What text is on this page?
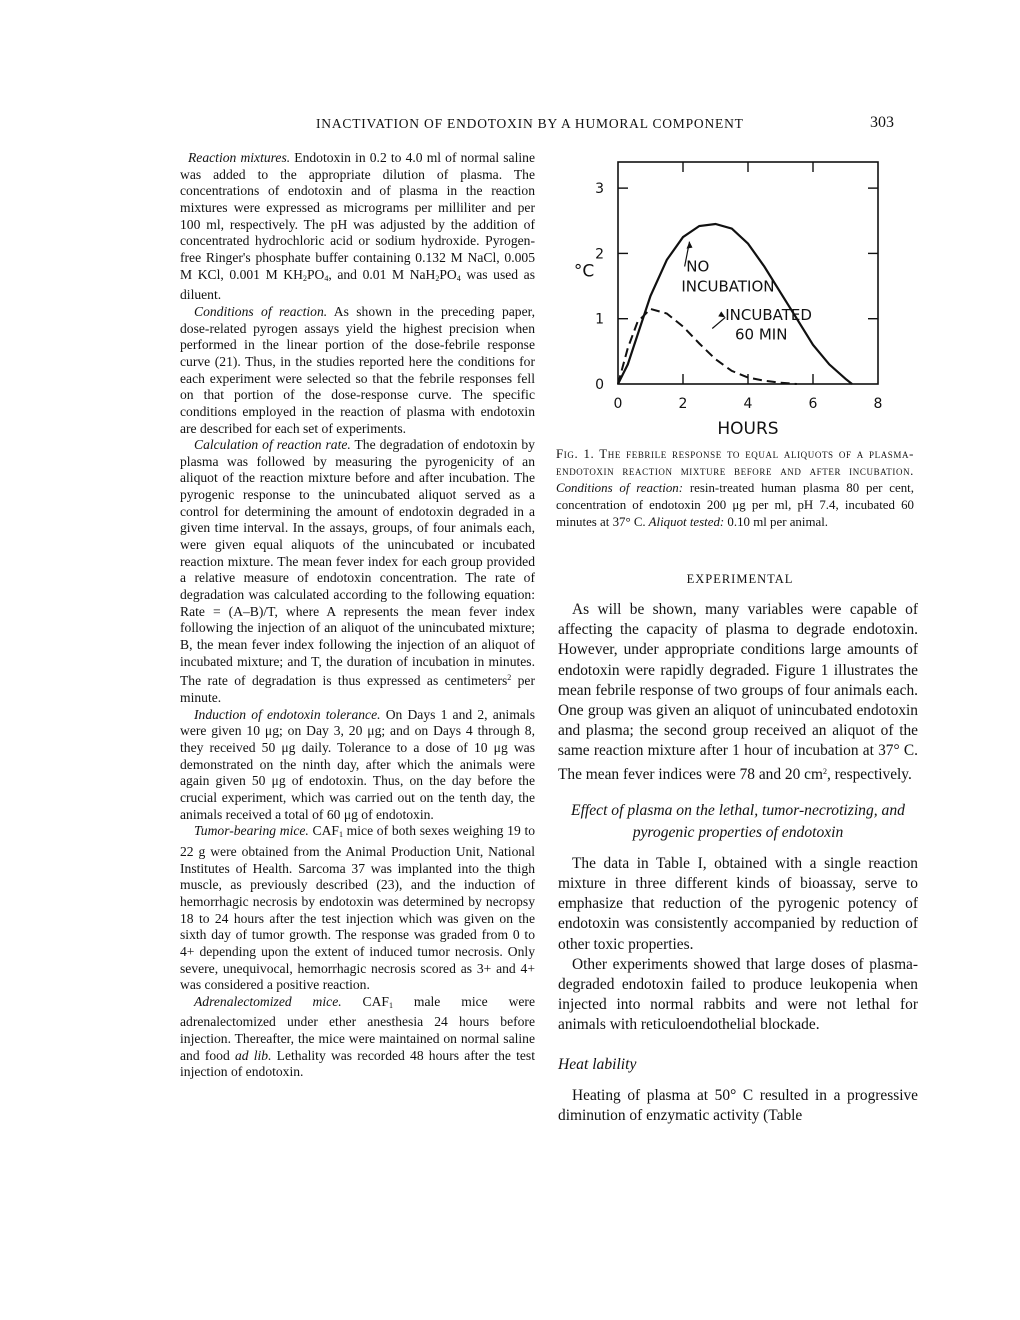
INACTIVATION OF ENDOTOXIN BY A HUMORAL COMPONENT	303

Reaction mixtures. Endotoxin in 0.2 to 4.0 ml of normal saline was added to the appropriate dilution of plasma. The concentrations of endotoxin and of plasma in the reaction mixtures were expressed as micrograms per milliliter and per 100 ml, respectively. The pH was adjusted by the addition of concentrated hydrochloric acid or sodium hydroxide. Pyrogen-free Ringer's phosphate buffer containing 0.132 M NaCl, 0.005 M KCl, 0.001 M $KH_2PO_4$, and 0.01 M $NaH_2PO_4$ was used as diluent.

Conditions of reaction. As shown in the preceding paper, dose-related pyrogen assays yield the highest precision when performed in the linear portion of the dose-febrile response curve (21). Thus, in the studies reported here the conditions for each experiment were selected so that the febrile responses fell on that portion of the dose-response curve. The specific conditions employed in the reaction of plasma with endotoxin are described for each set of experiments.

Calculation of reaction rate. The degradation of endotoxin by plasma was followed by measuring the pyrogenicity of an aliquot of the reaction mixture before and after incubation. The pyrogenic response to the unincubated aliquot served as a control for determining the amount of endotoxin degraded in a given time interval. In the assays, groups, of four animals each, were given equal aliquots of the unincubated or incubated reaction mixture. The mean fever index for each group provided a relative measure of endotoxin concentration. The rate of degradation was calculated according to the following equation: Rate = (A–B)/T, where A represents the mean fever index following the injection of an aliquot of the unincubated mixture; B, the mean fever index following the injection of an aliquot of incubated mixture; and T, the duration of incubation in minutes. The rate of degradation is thus expressed as centimeters$^2$ per minute.

Induction of endotoxin tolerance. On Days 1 and 2, animals were given 10 μg; on Day 3, 20 μg; and on Days 4 through 8, they received 50 μg daily. Tolerance to a dose of 10 μg was demonstrated on the ninth day, after which the animals were again given 50 μg of endotoxin. Thus, on the day before the crucial experiment, which was carried out on the tenth day, the animals received a total of 60 μg of endotoxin.

Tumor-bearing mice. $CAF_1$ mice of both sexes weighing 19 to 22 g were obtained from the Animal Production Unit, National Institutes of Health. Sarcoma 37 was implanted into the thigh muscle, as previously described (23), and the induction of hemorrhagic necrosis by endotoxin was determined by necropsy 18 to 24 hours after the test injection which was given on the sixth day of tumor growth. The response was graded from 0 to 4+ depending upon the extent of induced tumor necrosis. Only severe, unequivocal, hemorrhagic necrosis scored as 3+ and 4+ was considered a positive reaction.

Adrenalectomized mice. $CAF_1$ male mice were adrenalectomized under ether anesthesia 24 hours before injection. Thereafter, the mice were maintained on normal saline and food ad lib. Lethality was recorded 48 hours after the test injection of endotoxin.

0	2	4	6	8
0
1
2
3
HOURS
°C	NO
INCUBATION
INCUBATED
60 MIN
Fig. 1. The febrile response to equal aliquots of a plasma-endotoxin reaction mixture before and after incubation. Conditions of reaction: resin-treated human plasma 80 per cent, concentration of endotoxin 200 μg per ml, pH 7.4, incubated 60 minutes at 37° C. Aliquot tested: 0.10 ml per animal.
EXPERIMENTAL

As will be shown, many variables were capable of affecting the capacity of plasma to degrade endotoxin. However, under appropriate conditions large amounts of endotoxin were rapidly degraded. Figure 1 illustrates the mean febrile response of two groups of four animals each. One group was given an aliquot of unincubated endotoxin and plasma; the second group received an aliquot of the same reaction mixture after 1 hour of incubation at 37° C. The mean fever indices were 78 and 20 $cm^2$, respectively.

Effect of plasma on the lethal, tumor-necrotizing, and pyrogenic properties of endotoxin

The data in Table I, obtained with a single reaction mixture in three different kinds of bioassay, serve to emphasize that reduction of the pyrogenic potency of endotoxin was consistently accompanied by reduction of other toxic properties.

Other experiments showed that large doses of plasma-degraded endotoxin failed to produce leukopenia when injected into normal rabbits and were not lethal for animals with reticuloendothelial blockade.

Heat lability

Heating of plasma at 50° C resulted in a progressive diminution of enzymatic activity (Table
